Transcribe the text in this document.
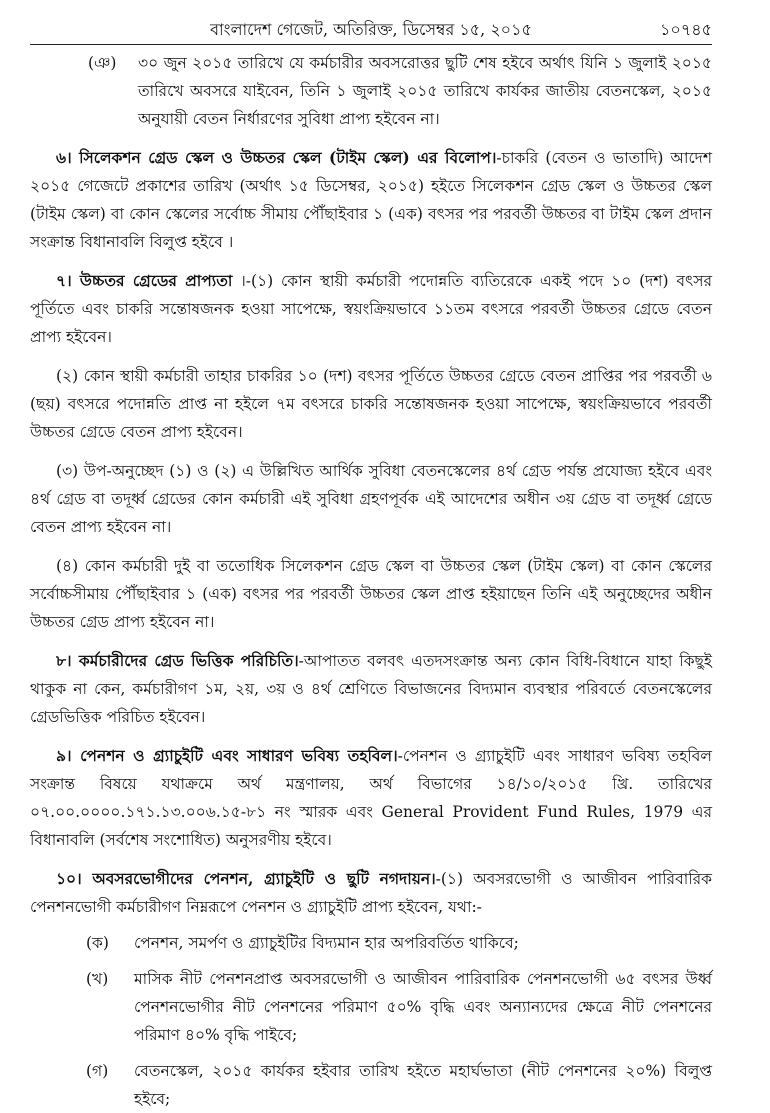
বাংলাদেশ গেজেট, অতিরিক্ত, ডিসেম্বর ১৫, ২০১৫	১০৭৪৫
(ঞ)	৩০ জুন ২০১৫ তারিখে যে কর্মচারীর অবসরোত্তর ছুটি শেষ হইবে অর্থাৎ যিনি ১ জুলাই ২০১৫ তারিখে অবসরে যাইবেন, তিনি ১ জুলাই ২০১৫ তারিখে কার্যকর জাতীয় বেতনস্কেল, ২০১৫ অনুযায়ী বেতন নির্ধারণের সুবিধা প্রাপ্য হইবেন না।

৬। সিলেকশন গ্রেড স্কেল ও উচ্চতর স্কেল (টাইম স্কেল) এর বিলোপ।-চাকরি (বেতন ও ভাতাদি) আদেশ ২০১৫ গেজেটে প্রকাশের তারিখ (অর্থাৎ ১৫ ডিসেম্বর, ২০১৫) হইতে সিলেকশন গ্রেড স্কেল ও উচ্চতর স্কেল (টাইম স্কেল) বা কোন স্কেলের সর্বোচ্চ সীমায় পৌঁছাইবার ১ (এক) বৎসর পর পরবর্তী উচ্চতর বা টাইম স্কেল প্রদান সংক্রান্ত বিধানাবলি বিলুপ্ত হইবে ।

৭। উচ্চতর গ্রেডের প্রাপ্যতা ।-(১) কোন স্থায়ী কর্মচারী পদোন্নতি ব্যতিরেকে একই পদে ১০ (দশ) বৎসর পূর্তিতে এবং চাকরি সন্তোষজনক হওয়া সাপেক্ষে, স্বয়ংক্রিয়ভাবে ১১তম বৎসরে পরবর্তী উচ্চতর গ্রেডে বেতন প্রাপ্য হইবেন।

(২) কোন স্থায়ী কর্মচারী তাহার চাকরির ১০ (দশ) বৎসর পূর্তিতে উচ্চতর গ্রেডে বেতন প্রাপ্তির পর পরবর্তী ৬ (ছয়) বৎসরে পদোন্নতি প্রাপ্ত না হইলে ৭ম বৎসরে চাকরি সন্তোষজনক হওয়া সাপেক্ষে, স্বয়ংক্রিয়ভাবে পরবর্তী উচ্চতর গ্রেডে বেতন প্রাপ্য হইবেন।

(৩) উপ-অনুচ্ছেদ (১) ও (২) এ উল্লিখিত আর্থিক সুবিধা বেতনস্কেলের ৪র্থ গ্রেড পর্যন্ত প্রযোজ্য হইবে এবং ৪র্থ গ্রেড বা তদূর্ধ্ব গ্রেডের কোন কর্মচারী এই সুবিধা গ্রহণপূর্বক এই আদেশের অধীন ৩য় গ্রেড বা তদূর্ধ্ব গ্রেডে বেতন প্রাপ্য হইবেন না।

(৪) কোন কর্মচারী দুই বা ততোধিক সিলেকশন গ্রেড স্কেল বা উচ্চতর স্কেল (টাইম স্কেল) বা কোন স্কেলের সর্বোচ্চসীমায় পৌঁছাইবার ১ (এক) বৎসর পর পরবর্তী উচ্চতর স্কেল প্রাপ্ত হইয়াছেন তিনি এই অনুচ্ছেদের অধীন উচ্চতর গ্রেড প্রাপ্য হইবেন না।

৮। কর্মচারীদের গ্রেড ভিত্তিক পরিচিতি।-আপাতত বলবৎ এতদসংক্রান্ত অন্য কোন বিধি-বিধানে যাহা কিছুই থাকুক না কেন, কর্মচারীগণ ১ম, ২য়, ৩য় ও ৪র্থ শ্রেণিতে বিভাজনের বিদ্যমান ব্যবস্থার পরিবর্তে বেতনস্কেলের গ্রেডভিত্তিক পরিচিত হইবেন।

৯। পেনশন ও গ্র্যাচুইটি এবং সাধারণ ভবিষ্য তহবিল।-পেনশন ও গ্র্যাচুইটি এবং সাধারণ ভবিষ্য তহবিল সংক্রান্ত বিষয়ে যথাক্রমে অর্থ মন্ত্রণালয়, অর্থ বিভাগের ১৪/১০/২০১৫ খ্রি. তারিখের ০৭.০০.০০০০.১৭১.১৩.০০৬.১৫-৮১ নং স্মারক এবং General Provident Fund Rules, 1979 এর বিধানাবলি (সর্বশেষ সংশোধিত) অনুসরণীয় হইবে।

১০। অবসরভোগীদের পেনশন, গ্র্যাচুইটি ও ছুটি নগদায়ন।-(১) অবসরভোগী ও আজীবন পারিবারিক পেনশনভোগী কর্মচারীগণ নিম্নরূপে পেনশন ও গ্র্যাচুইটি প্রাপ্য হইবেন, যথা:-

(ক)	পেনশন, সমর্পণ ও গ্র্যাচুইটির বিদ্যমান হার অপরিবর্তিত থাকিবে;

(খ)	মাসিক নীট পেনশনপ্রাপ্ত অবসরভোগী ও আজীবন পারিবারিক পেনশনভোগী ৬৫ বৎসর উর্ধ্ব পেনশনভোগীর নীট পেনশনের পরিমাণ ৫০% বৃদ্ধি এবং অন্যান্যদের ক্ষেত্রে নীট পেনশনের পরিমাণ ৪০% বৃদ্ধি পাইবে;

(গ)	বেতনস্কেল, ২০১৫ কার্যকর হইবার তারিখ হইতে মহার্ঘভাতা (নীট পেনশনের ২০%) বিলুপ্ত হইবে;
